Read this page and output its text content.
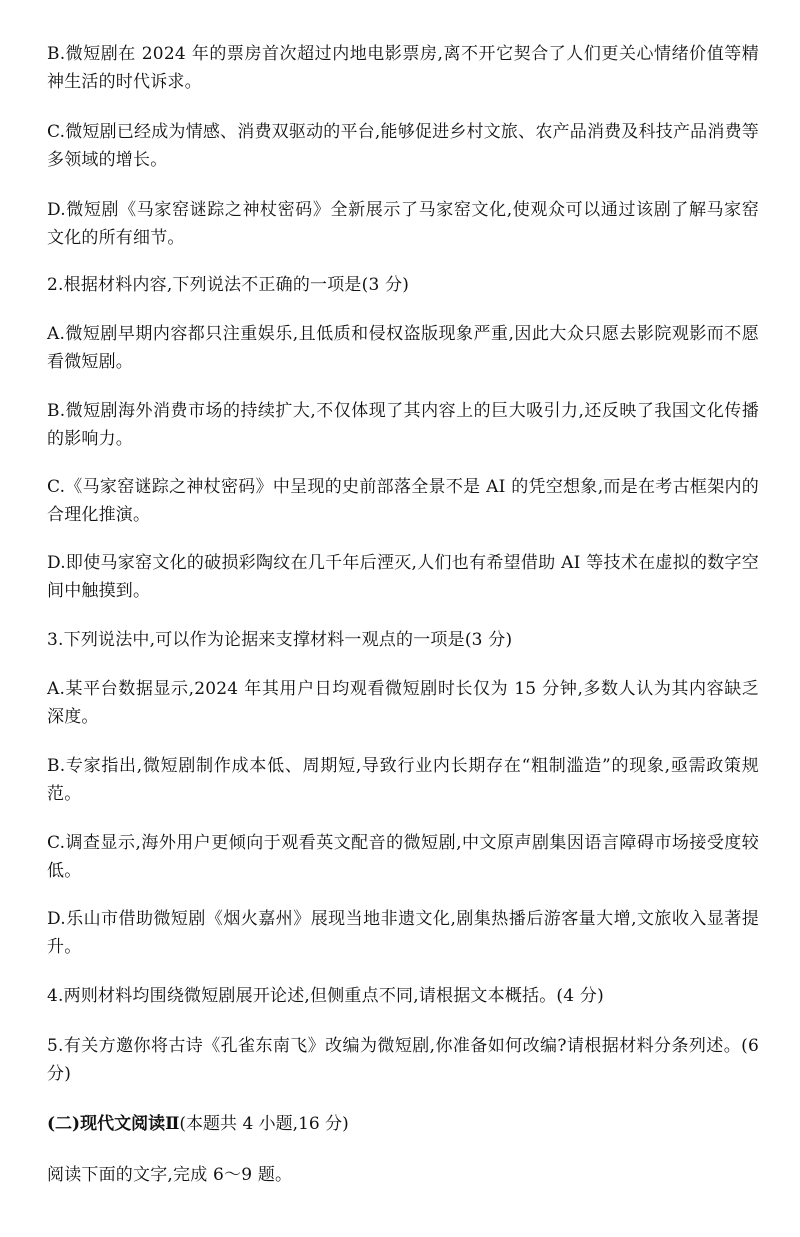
B.微短剧在 2024 年的票房首次超过内地电影票房,离不开它契合了人们更关心情绪价值等精神生活的时代诉求。

C.微短剧已经成为情感、消费双驱动的平台,能够促进乡村文旅、农产品消费及科技产品消费等多领域的增长。

D.微短剧《马家窑谜踪之神杖密码》全新展示了马家窑文化,使观众可以通过该剧了解马家窑文化的所有细节。

2.根据材料内容,下列说法不正确的一项是(3 分)

A.微短剧早期内容都只注重娱乐,且低质和侵权盗版现象严重,因此大众只愿去影院观影而不愿看微短剧。

B.微短剧海外消费市场的持续扩大,不仅体现了其内容上的巨大吸引力,还反映了我国文化传播的影响力。

C.《马家窑谜踪之神杖密码》中呈现的史前部落全景不是 AI 的凭空想象,而是在考古框架内的合理化推演。

D.即使马家窑文化的破损彩陶纹在几千年后湮灭,人们也有希望借助 AI 等技术在虚拟的数字空间中触摸到。

3.下列说法中,可以作为论据来支撑材料一观点的一项是(3 分)

A.某平台数据显示,2024 年其用户日均观看微短剧时长仅为 15 分钟,多数人认为其内容缺乏深度。

B.专家指出,微短剧制作成本低、周期短,导致行业内长期存在“粗制滥造”的现象,亟需政策规范。

C.调查显示,海外用户更倾向于观看英文配音的微短剧,中文原声剧集因语言障碍市场接受度较低。

D.乐山市借助微短剧《烟火嘉州》展现当地非遗文化,剧集热播后游客量大增,文旅收入显著提升。

4.两则材料均围绕微短剧展开论述,但侧重点不同,请根据文本概括。(4 分)

5.有关方邀你将古诗《孔雀东南飞》改编为微短剧,你准备如何改编?请根据材料分条列述。(6 分)

(二)现代文阅读Ⅱ(本题共 4 小题,16 分)

阅读下面的文字,完成 6～9 题。
